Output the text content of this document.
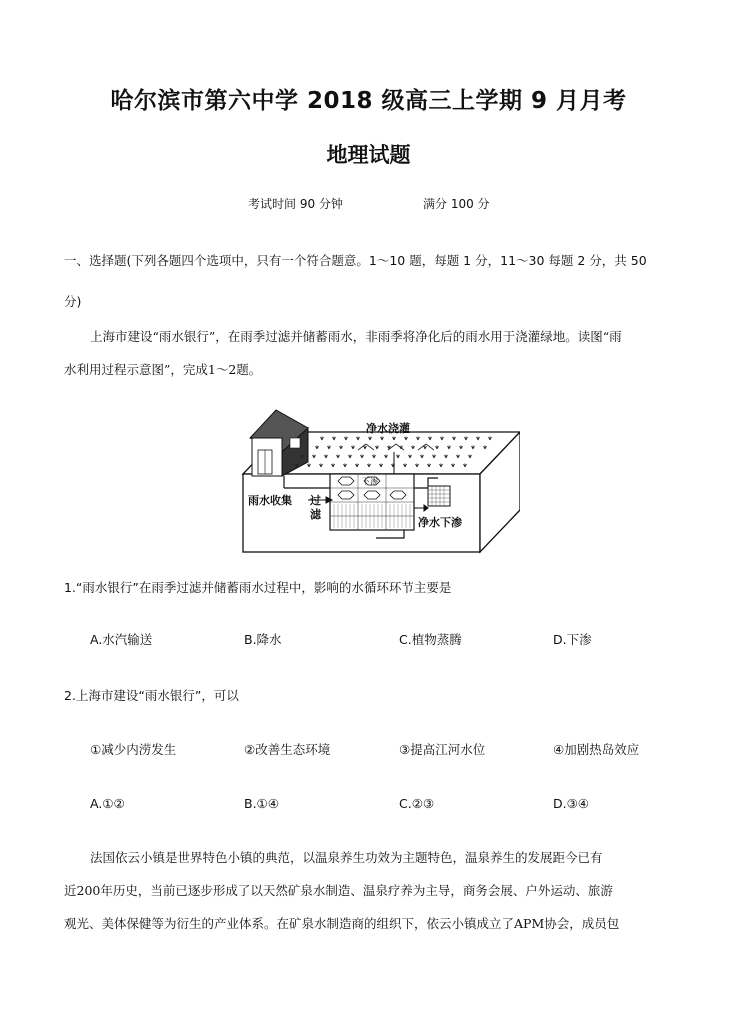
哈尔滨市第六中学 2018 级高三上学期 9 月月考
地理试题
考试时间 90 分钟	满分 100 分
一、选择题(下列各题四个选项中，只有一个符合题意。1～10 题，每题 1 分，11～30 每题 2 分，共 50
分)
上海市建设“雨水银行”，在雨季过滤并储蓄雨水，非雨季将净化后的雨水用于浇灌绿地。读图“雨
水利用过程示意图”，完成1～2题。
净水浇灌
下渗
雨水收集 过
滤
净水下渗
1.“雨水银行”在雨季过滤并储蓄雨水过程中，影响的水循环环节主要是
A.水汽输送	B.降水	C.植物蒸腾	D.下渗
2.上海市建设“雨水银行”，可以
①减少内涝发生	②改善生态环境	③提高江河水位	④加剧热岛效应
A.①②	B.①④	C.②③	D.③④
法国依云小镇是世界特色小镇的典范，以温泉养生功效为主题特色，温泉养生的发展距今已有
近200年历史，当前已逐步形成了以天然矿泉水制造、温泉疗养为主导，商务会展、户外运动、旅游
观光、美体保健等为衍生的产业体系。在矿泉水制造商的组织下，依云小镇成立了APM协会，成员包
